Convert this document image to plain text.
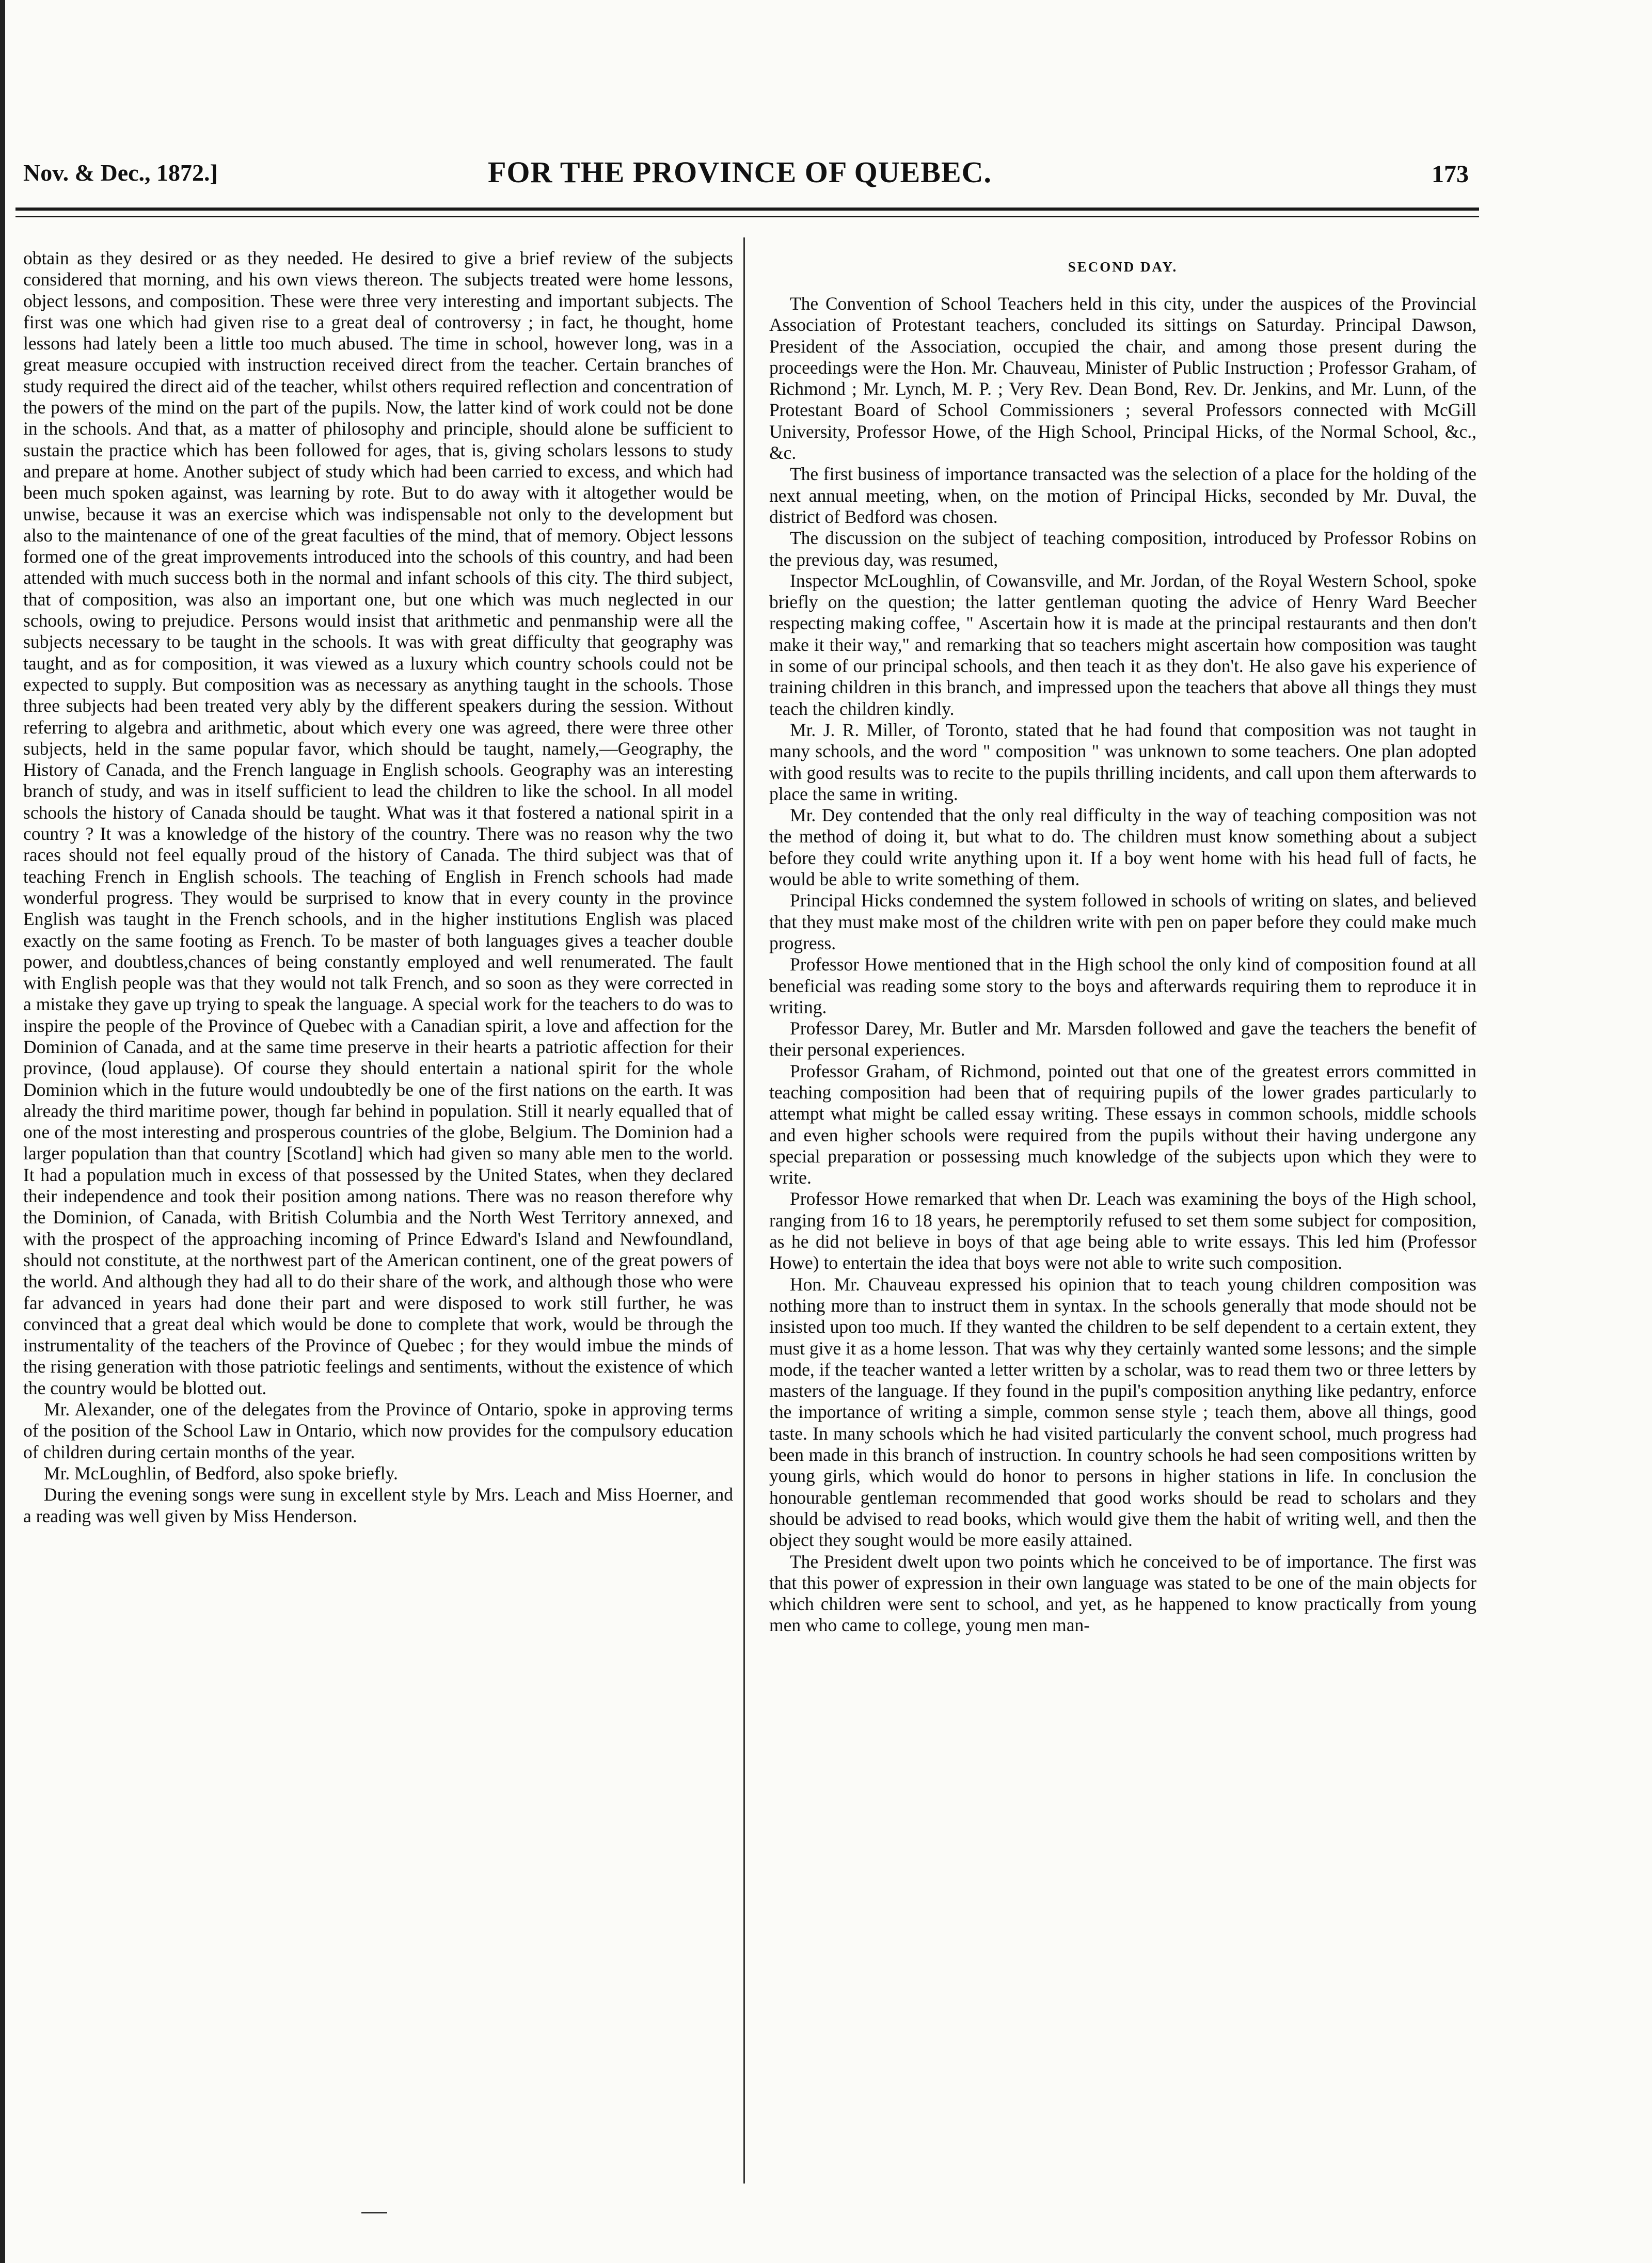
Nov. & Dec., 1872.]	FOR THE PROVINCE OF QUEBEC.	173

obtain as they desired or as they needed. He desired to give a brief review of the subjects considered that morning, and his own views thereon. The subjects treated were home lessons, object lessons, and composition. These were three very interesting and important subjects. The first was one which had given rise to a great deal of controversy ; in fact, he thought, home lessons had lately been a little too much abused. The time in school, however long, was in a great measure occupied with instruction received direct from the teacher. Certain branches of study required the direct aid of the teacher, whilst others required reflection and concentration of the powers of the mind on the part of the pupils. Now, the latter kind of work could not be done in the schools. And that, as a matter of philosophy and principle, should alone be sufficient to sustain the practice which has been followed for ages, that is, giving scholars lessons to study and prepare at home. Another subject of study which had been carried to excess, and which had been much spoken against, was learning by rote. But to do away with it altogether would be unwise, because it was an exercise which was indispensable not only to the development but also to the maintenance of one of the great faculties of the mind, that of memory. Object lessons formed one of the great improvements introduced into the schools of this country, and had been attended with much success both in the normal and infant schools of this city. The third subject, that of composition, was also an important one, but one which was much neglected in our schools, owing to prejudice. Persons would insist that arithmetic and penmanship were all the subjects necessary to be taught in the schools. It was with great difficulty that geography was taught, and as for composition, it was viewed as a luxury which country schools could not be expected to supply. But composition was as necessary as anything taught in the schools. Those three subjects had been treated very ably by the different speakers during the session. Without referring to algebra and arithmetic, about which every one was agreed, there were three other subjects, held in the same popular favor, which should be taught, namely,—Geography, the History of Canada, and the French language in English schools. Geography was an interesting branch of study, and was in itself sufficient to lead the children to like the school. In all model schools the history of Canada should be taught. What was it that fostered a national spirit in a country ? It was a knowledge of the history of the country. There was no reason why the two races should not feel equally proud of the history of Canada. The third subject was that of teaching French in English schools. The teaching of English in French schools had made wonderful progress. They would be surprised to know that in every county in the province English was taught in the French schools, and in the higher institutions English was placed exactly on the same footing as French. To be master of both languages gives a teacher double power, and doubtless,chances of being constantly employed and well renumerated. The fault with English people was that they would not talk French, and so soon as they were corrected in a mistake they gave up trying to speak the language. A special work for the teachers to do was to inspire the people of the Province of Quebec with a Canadian spirit, a love and affection for the Dominion of Canada, and at the same time preserve in their hearts a patriotic affection for their province, (loud applause). Of course they should entertain a national spirit for the whole Dominion which in the future would undoubtedly be one of the first nations on the earth. It was already the third maritime power, though far behind in population. Still it nearly equalled that of one of the most interesting and prosperous countries of the globe, Belgium. The Dominion had a larger population than that country [Scotland] which had given so many able men to the world. It had a population much in excess of that possessed by the United States, when they declared their independence and took their position among nations. There was no reason therefore why the Dominion, of Canada, with British Columbia and the North West Territory annexed, and with the prospect of the approaching incoming of Prince Edward's Island and Newfoundland, should not constitute, at the northwest part of the American continent, one of the great powers of the world. And although they had all to do their share of the work, and although those who were far advanced in years had done their part and were disposed to work still further, he was convinced that a great deal which would be done to complete that work, would be through the instrumentality of the teachers of the Province of Quebec ; for they would imbue the minds of the rising generation with those patriotic feelings and sentiments, without the existence of which the country would be blotted out.

Mr. Alexander, one of the delegates from the Province of Ontario, spoke in approving terms of the position of the School Law in Ontario, which now provides for the compulsory education of children during certain months of the year.

Mr. McLoughlin, of Bedford, also spoke briefly.

During the evening songs were sung in excellent style by Mrs. Leach and Miss Hoerner, and a reading was well given by Miss Henderson.

SECOND DAY.

The Convention of School Teachers held in this city, under the auspices of the Provincial Association of Protestant teachers, concluded its sittings on Saturday. Principal Dawson, President of the Association, occupied the chair, and among those present during the proceedings were the Hon. Mr. Chauveau, Minister of Public Instruction ; Professor Graham, of Richmond ; Mr. Lynch, M. P. ; Very Rev. Dean Bond, Rev. Dr. Jenkins, and Mr. Lunn, of the Protestant Board of School Commissioners ; several Professors connected with McGill University, Professor Howe, of the High School, Principal Hicks, of the Normal School, &c., &c.

The first business of importance transacted was the selection of a place for the holding of the next annual meeting, when, on the motion of Principal Hicks, seconded by Mr. Duval, the district of Bedford was chosen.

The discussion on the subject of teaching composition, introduced by Professor Robins on the previous day, was resumed,

Inspector McLoughlin, of Cowansville, and Mr. Jordan, of the Royal Western School, spoke briefly on the question; the latter gentleman quoting the advice of Henry Ward Beecher respecting making coffee, " Ascertain how it is made at the principal restaurants and then don't make it their way," and remarking that so teachers might ascertain how composition was taught in some of our principal schools, and then teach it as they don't. He also gave his experience of training children in this branch, and impressed upon the teachers that above all things they must teach the children kindly.

Mr. J. R. Miller, of Toronto, stated that he had found that composition was not taught in many schools, and the word " composition " was unknown to some teachers. One plan adopted with good results was to recite to the pupils thrilling incidents, and call upon them afterwards to place the same in writing.

Mr. Dey contended that the only real difficulty in the way of teaching composition was not the method of doing it, but what to do. The children must know something about a subject before they could write anything upon it. If a boy went home with his head full of facts, he would be able to write something of them.

Principal Hicks condemned the system followed in schools of writing on slates, and believed that they must make most of the children write with pen on paper before they could make much progress.

Professor Howe mentioned that in the High school the only kind of composition found at all beneficial was reading some story to the boys and afterwards requiring them to reproduce it in writing.

Professor Darey, Mr. Butler and Mr. Marsden followed and gave the teachers the benefit of their personal experiences.

Professor Graham, of Richmond, pointed out that one of the greatest errors committed in teaching composition had been that of requiring pupils of the lower grades particularly to attempt what might be called essay writing. These essays in common schools, middle schools and even higher schools were required from the pupils without their having undergone any special preparation or possessing much knowledge of the subjects upon which they were to write.

Professor Howe remarked that when Dr. Leach was examining the boys of the High school, ranging from 16 to 18 years, he peremptorily refused to set them some subject for composition, as he did not believe in boys of that age being able to write essays. This led him (Professor Howe) to entertain the idea that boys were not able to write such composition.

Hon. Mr. Chauveau expressed his opinion that to teach young children composition was nothing more than to instruct them in syntax. In the schools generally that mode should not be insisted upon too much. If they wanted the children to be self dependent to a certain extent, they must give it as a home lesson. That was why they certainly wanted some lessons; and the simple mode, if the teacher wanted a letter written by a scholar, was to read them two or three letters by masters of the language. If they found in the pupil's composition anything like pedantry, enforce the importance of writing a simple, common sense style ; teach them, above all things, good taste. In many schools which he had visited particularly the convent school, much progress had been made in this branch of instruction. In country schools he had seen compositions written by young girls, which would do honor to persons in higher stations in life. In conclusion the honourable gentleman recommended that good works should be read to scholars and they should be advised to read books, which would give them the habit of writing well, and then the object they sought would be more easily attained.

The President dwelt upon two points which he conceived to be of importance. The first was that this power of expression in their own language was stated to be one of the main objects for which children were sent to school, and yet, as he happened to know practically from young men who came to college, young men man-
